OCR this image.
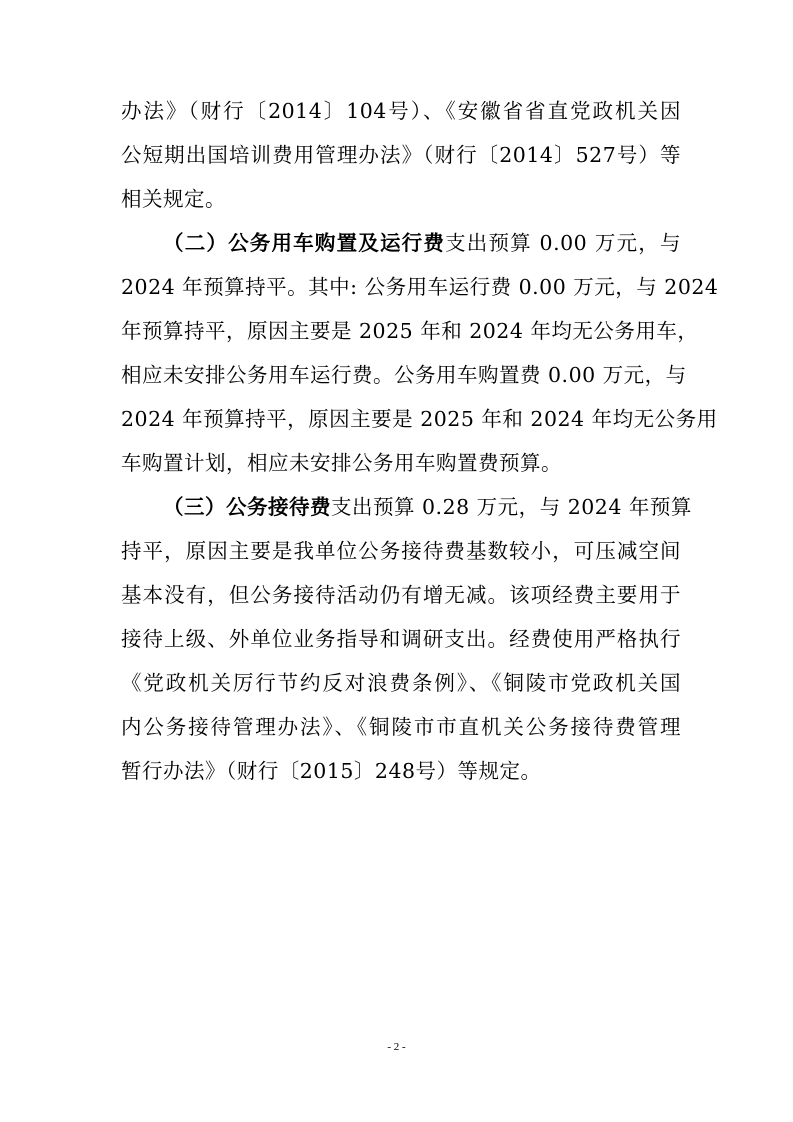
办法》（财行〔2014〕104号）、《安徽省省直党政机关因
公短期出国培训费用管理办法》（财行〔2014〕527号）等
相关规定。
（二）公务用车购置及运行费支出预算 0.00 万元，与
2024 年预算持平。其中: 公务用车运行费 0.00 万元，与 2024
年预算持平，原因主要是 2025 年和 2024 年均无公务用车，
相应未安排公务用车运行费。公务用车购置费 0.00 万元，与
2024 年预算持平，原因主要是 2025 年和 2024 年均无公务用
车购置计划，相应未安排公务用车购置费预算。
（三）公务接待费支出预算 0.28 万元，与 2024 年预算
持平，原因主要是我单位公务接待费基数较小，可压减空间
基本没有，但公务接待活动仍有增无减。该项经费主要用于
接待上级、外单位业务指导和调研支出。经费使用严格执行
《党政机关厉行节约反对浪费条例》、《铜陵市党政机关国
内公务接待管理办法》、《铜陵市市直机关公务接待费管理
暂行办法》（财行〔2015〕248号）等规定。
- 2 -
